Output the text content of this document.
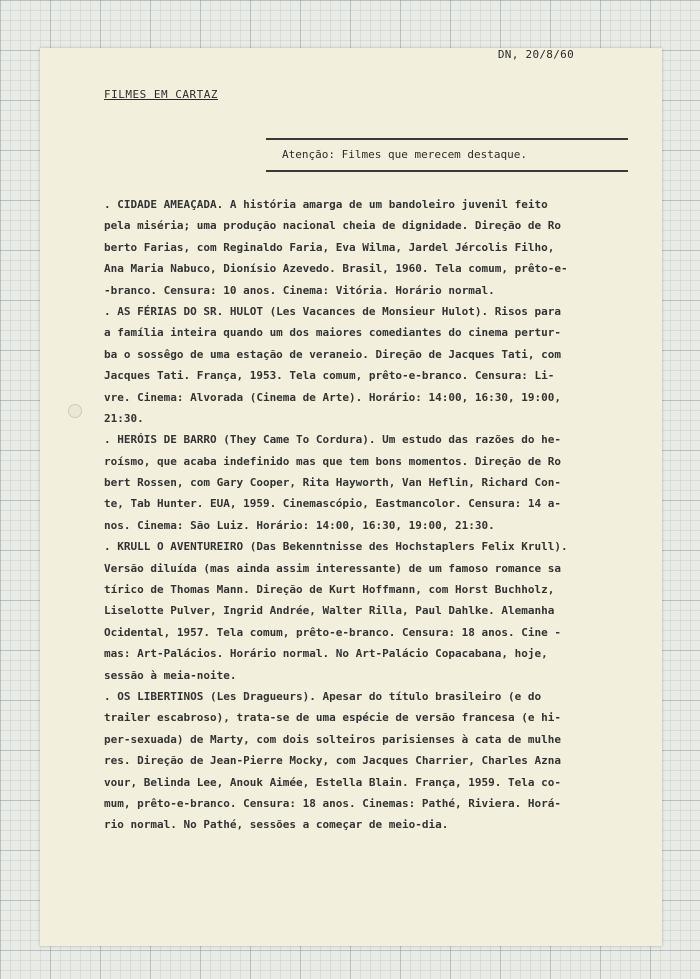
DN, 20/8/60
FILMES EM CARTAZ
Atenção: Filmes que merecem destaque.
. CIDADE AMEAÇADA. A história amarga de um bandoleiro juvenil feito
pela miséria; uma produção nacional cheia de dignidade. Direção de Ro
berto Farias, com Reginaldo Faria, Eva Wilma, Jardel Jércolis Filho,
Ana Maria Nabuco, Dionísio Azevedo. Brasil, 1960. Tela comum, prêto-e-
-branco. Censura: 10 anos. Cinema: Vitória. Horário normal.
. AS FÉRIAS DO SR. HULOT (Les Vacances de Monsieur Hulot). Risos para
a família inteira quando um dos maiores comediantes do cinema pertur-
ba o sossêgo de uma estação de veraneio. Direção de Jacques Tati, com
Jacques Tati. França, 1953. Tela comum, prêto-e-branco. Censura: Li-
vre. Cinema: Alvorada (Cinema de Arte). Horário: 14:00, 16:30, 19:00,
21:30.
. HERÓIS DE BARRO (They Came To Cordura). Um estudo das razões do he-
roísmo, que acaba indefinido mas que tem bons momentos. Direção de Ro
bert Rossen, com Gary Cooper, Rita Hayworth, Van Heflin, Richard Con-
te, Tab Hunter. EUA, 1959. Cinemascópio, Eastmancolor. Censura: 14 a-
nos. Cinema: São Luiz. Horário: 14:00, 16:30, 19:00, 21:30.
. KRULL O AVENTUREIRO (Das Bekenntnisse des Hochstaplers Felix Krull).
Versão diluída (mas ainda assim interessante) de um famoso romance sa
tírico de Thomas Mann. Direção de Kurt Hoffmann, com Horst Buchholz,
Liselotte Pulver, Ingrid Andrée, Walter Rilla, Paul Dahlke. Alemanha
Ocidental, 1957. Tela comum, prêto-e-branco. Censura: 18 anos. Cine -
mas: Art-Palácios. Horário normal. No Art-Palácio Copacabana, hoje,
sessão à meia-noite.
. OS LIBERTINOS (Les Dragueurs). Apesar do título brasileiro (e do
trailer escabroso), trata-se de uma espécie de versão francesa (e hi-
per-sexuada) de Marty, com dois solteiros parisienses à cata de mulhe
res. Direção de Jean-Pierre Mocky, com Jacques Charrier, Charles Azna
vour, Belinda Lee, Anouk Aimée, Estella Blain. França, 1959. Tela co-
mum, prêto-e-branco. Censura: 18 anos. Cinemas: Pathé, Riviera. Horá-
rio normal. No Pathé, sessões a começar de meio-dia.
